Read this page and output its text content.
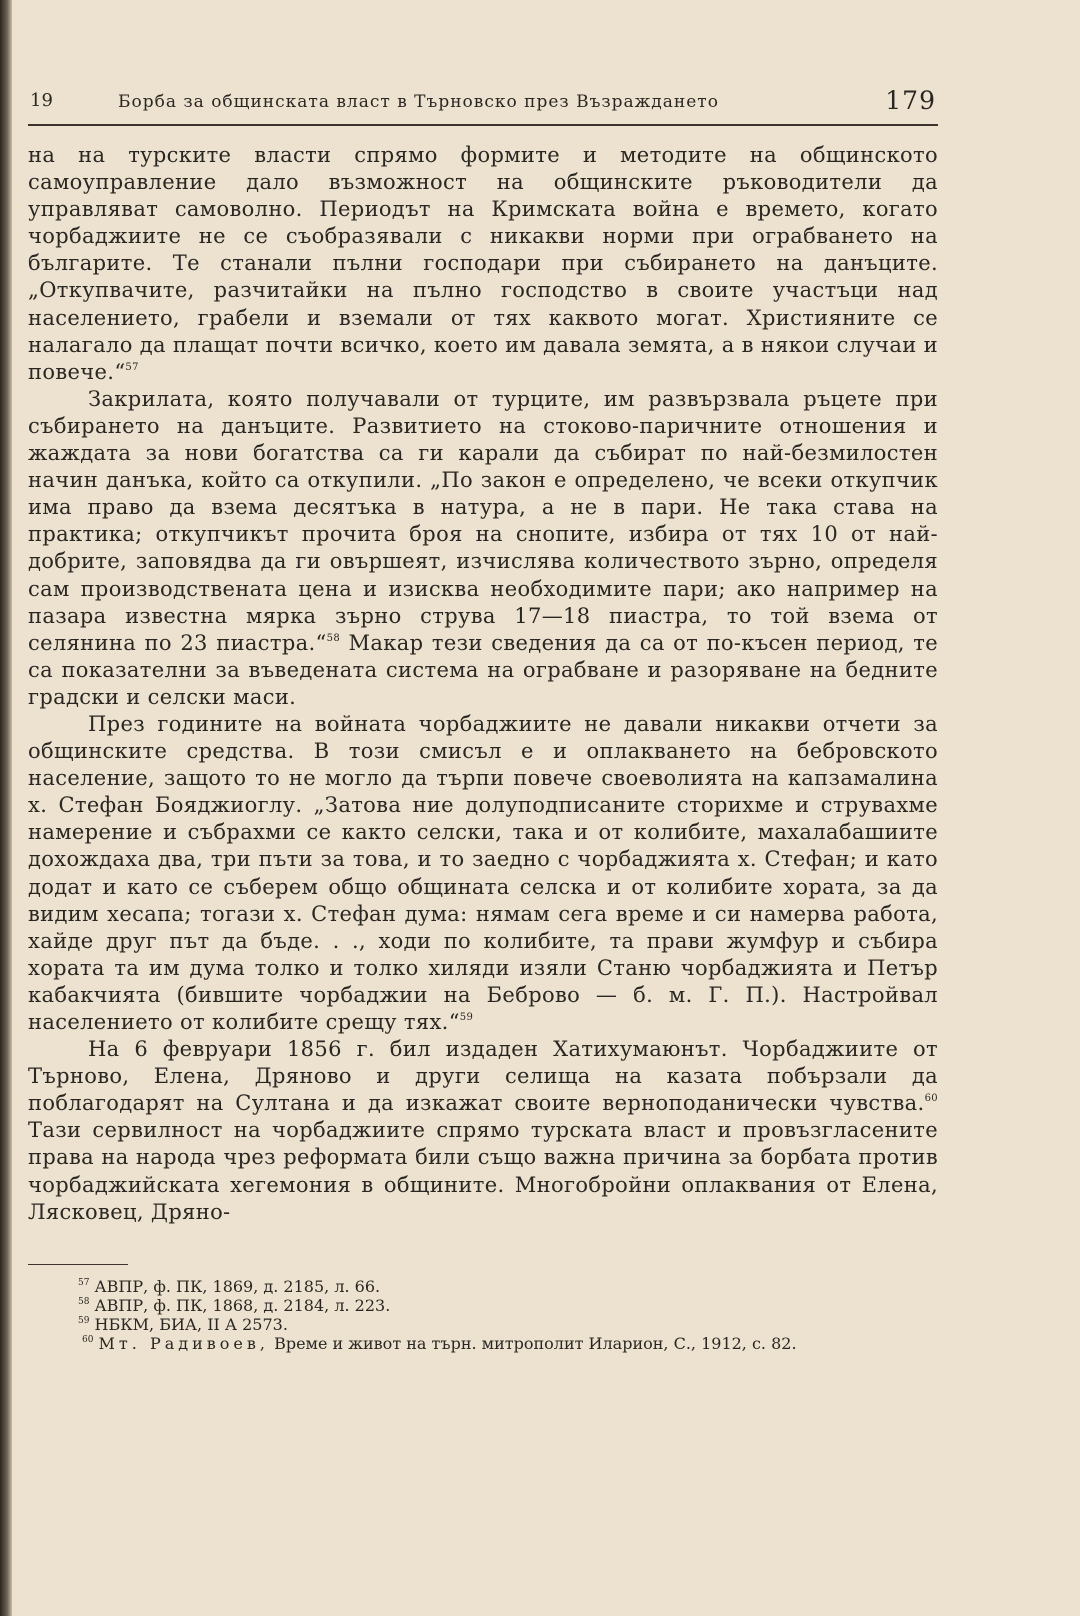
19	Борба за общинската власт в Търновско през Възраждането	179

на на турските власти спрямо формите и методите на общинското самоуправление дало възможност на общинските ръководители да управляват самоволно. Периодът на Кримската война е времето, когато чорбаджиите не се съобразявали с никакви норми при ограбването на българите. Те станали пълни господари при събирането на данъците. „Откупвачите, разчитайки на пълно господство в своите участъци над населението, грабели и вземали от тях каквото могат. Християните се налагало да плащат почти всичко, което им давала земята, а в някои случаи и повече.“$^{57}$

Закрилата, която получавали от турците, им развързвала ръцете при събирането на данъците. Развитието на стоково-паричните отношения и жаждата за нови богатства са ги карали да събират по най-безмилостен начин данъка, който са откупили. „По закон е определено, че всеки откупчик има право да взема десятъка в натура, а не в пари. Не така става на практика; откупчикът прочита броя на снопите, избира от тях 10 от най-добрите, заповядва да ги овършеят, изчислява количеството зърно, определя сам производствената цена и изисква необходимите пари; ако например на пазара известна мярка зърно струва 17—18 пиастра, то той взема от селянина по 23 пиастра.“$^{58}$ Макар тези сведения да са от по-късен период, те са показателни за въведената система на ограбване и разоряване на бедните градски и селски маси.

През годините на войната чорбаджиите не давали никакви отчети за общинските средства. В този смисъл е и оплакването на бебровското население, защото то не могло да търпи повече своеволията на капзамалина х. Стефан Бояджиоглу. „Затова ние долуподписаните сторихме и струвахме намерение и събрахми се както селски, така и от колибите, махалабашиите дохождаха два, три пъти за това, и то заедно с чорбаджията х. Стефан; и като додат и като се съберем общо общината селска и от колибите хората, за да видим хесапа; тогази х. Стефан дума: нямам сега време и си намерва работа, хайде друг път да бъде. . ., ходи по колибите, та прави жумфур и събира хората та им дума толко и толко хиляди изяли Станю чорбаджията и Петър кабакчията (бившите чорбаджии на Беброво — б. м. Г. П.). Настройвал населението от колибите срещу тях.“$^{59}$

На 6 февруари 1856 г. бил издаден Хатихумаюнът. Чорбаджиите от Търново, Елена, Дряново и други селища на казата побързали да поблагодарят на Султана и да изкажат своите верноподанически чувства.$^{60}$ Тази сервилност на чорбаджиите спрямо турската власт и провъзгласените права на народа чрез реформата били също важна причина за борбата против чорбаджийската хегемония в общините. Многобройни оплаквания от Елена, Лясковец, Дряно-

$^{57}$ АВПР, ф. ПК, 1869, д. 2185, л. 66.

$^{58}$ АВПР, ф. ПК, 1868, д. 2184, л. 223.

$^{59}$ НБКМ, БИА, II А 2573.

$^{60}$ Мт. Радивоев, Време и живот на търн. митрополит Иларион, С., 1912, с. 82.
